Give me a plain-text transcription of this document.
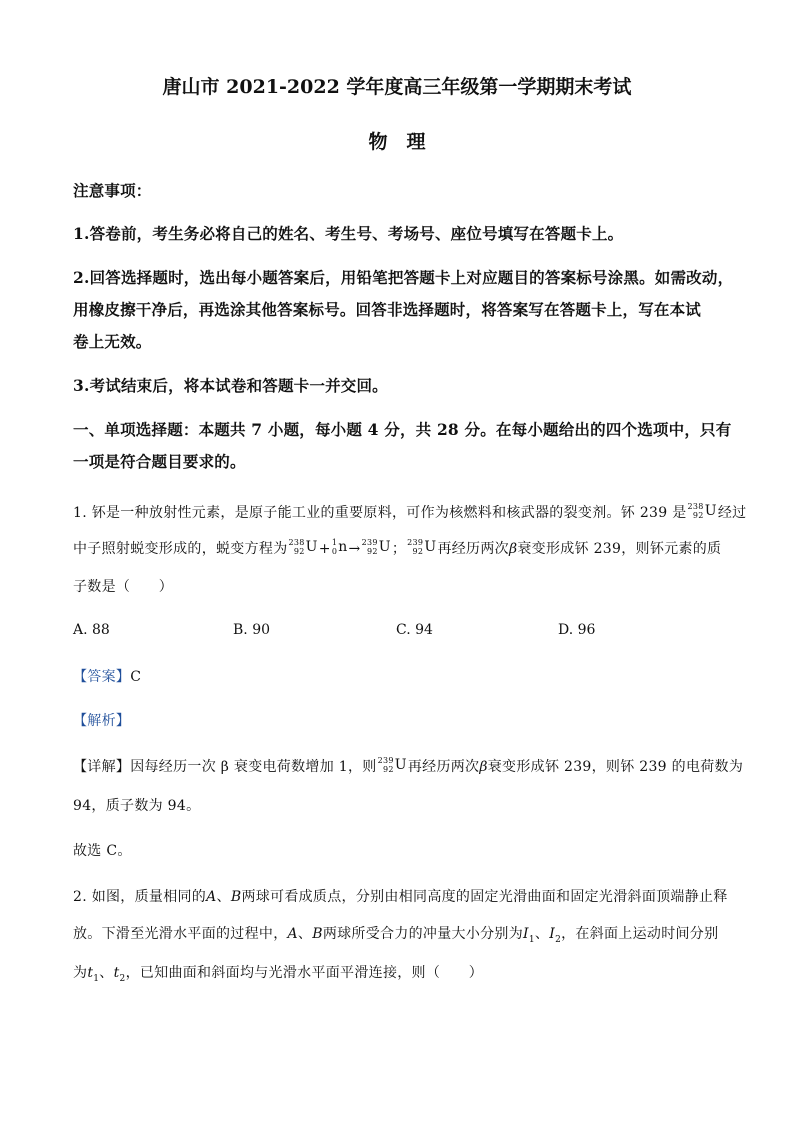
唐山市 2021-2022 学年度高三年级第一学期期末考试
物　理
注意事项：
1.答卷前，考生务必将自己的姓名、考生号、考场号、座位号填写在答题卡上。
2.回答选择题时，选出每小题答案后，用铅笔把答题卡上对应题目的答案标号涂黑。如需改动，
用橡皮擦干净后，再选涂其他答案标号。回答非选择题时，将答案写在答题卡上，写在本试
卷上无效。
3.考试结束后，将本试卷和答题卡一并交回。
一、单项选择题：本题共 7 小题，每小题 4 分，共 28 分。在每小题给出的四个选项中，只有
一项是符合题目要求的。
1. 钚是一种放射性元素，是原子能工业的重要原料，可作为核燃料和核武器的裂变剂。钚 239 是 238
92 U经过
中子照射蜕变形成的，蜕变方程为 238
92 U+ 1
0 n→ 239
92 U； 239
92 U再经历两次β衰变形成钚 239，则钚元素的质
子数是（　　）
A. 88	B. 90	C. 94	D. 96
【答案】C
【解析】
【详解】因每经历一次 β 衰变电荷数增加 1，则 239
92 U再经历两次β衰变形成钚 239，则钚 239 的电荷数为
94，质子数为 94。
故选 C。
2. 如图，质量相同的A、B两球可看成质点，分别由相同高度的固定光滑曲面和固定光滑斜面顶端静止释
放。下滑至光滑水平面的过程中，A、B两球所受合力的冲量大小分别为$I_1$、$I_2$，在斜面上运动时间分别
为$t_1$、$t_2$，已知曲面和斜面均与光滑水平面平滑连接，则（　　）
